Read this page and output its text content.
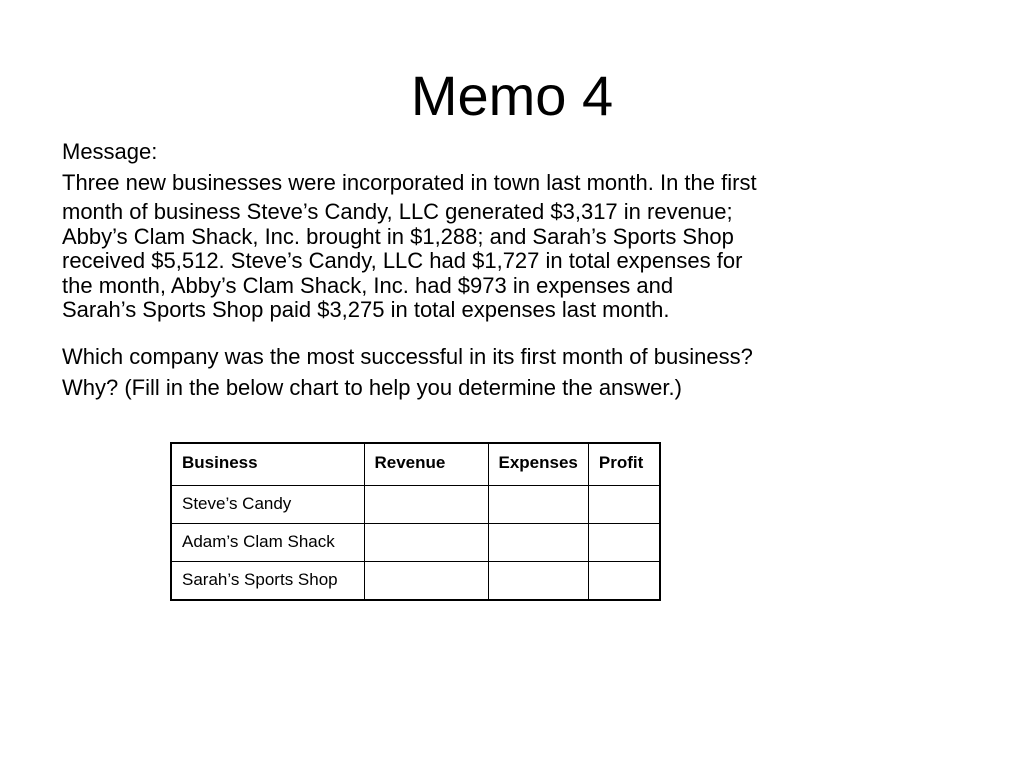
Memo 4

Message:

Three new businesses were incorporated in town last month. In the first

month of business Steve’s Candy, LLC generated $3,317 in revenue;
Abby’s Clam Shack, Inc. brought in $1,288; and Sarah’s Sports Shop
received $5,512. Steve’s Candy, LLC had $1,727 in total expenses for
the month, Abby’s Clam Shack, Inc. had $973 in expenses and
Sarah’s Sports Shop paid $3,275 in total expenses last month.

Which company was the most successful in its first month of business?

Why? (Fill in the below chart to help you determine the answer.)

Business	Revenue	Expenses	Profit
Steve’s Candy			
Adam’s Clam Shack			
Sarah’s Sports Shop			
